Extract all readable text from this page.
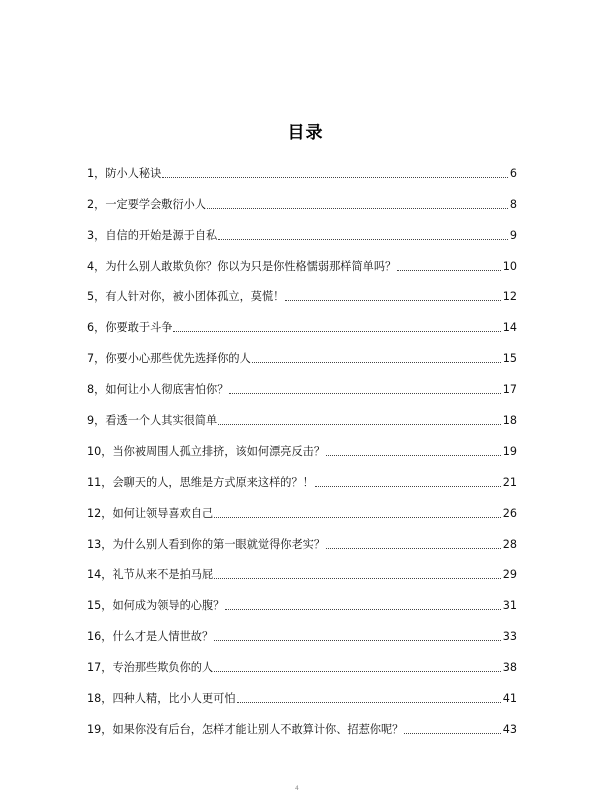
目录
1， 防小人秘诀	6
2， 一定要学会敷衍小人	8
3， 自信的开始是源于自私	9
4， 为什么别人敢欺负你？你以为只是你性格懦弱那样简单吗？	10
5， 有人针对你，被小团体孤立，莫慌！	12
6， 你要敢于斗争	14
7， 你要小心那些优先选择你的人	15
8， 如何让小人彻底害怕你？	17
9， 看透一个人其实很简单	18
10， 当你被周围人孤立排挤，该如何漂亮反击？	19
11， 会聊天的人，思维是方式原来这样的？！	21
12， 如何让领导喜欢自己	26
13， 为什么别人看到你的第一眼就觉得你老实？	28
14， 礼节从来不是拍马屁	29
15， 如何成为领导的心腹？	31
16， 什么才是人情世故？	33
17， 专治那些欺负你的人	38
18， 四种人精，比小人更可怕	41
19， 如果你没有后台，怎样才能让别人不敢算计你、招惹你呢？	43
4
